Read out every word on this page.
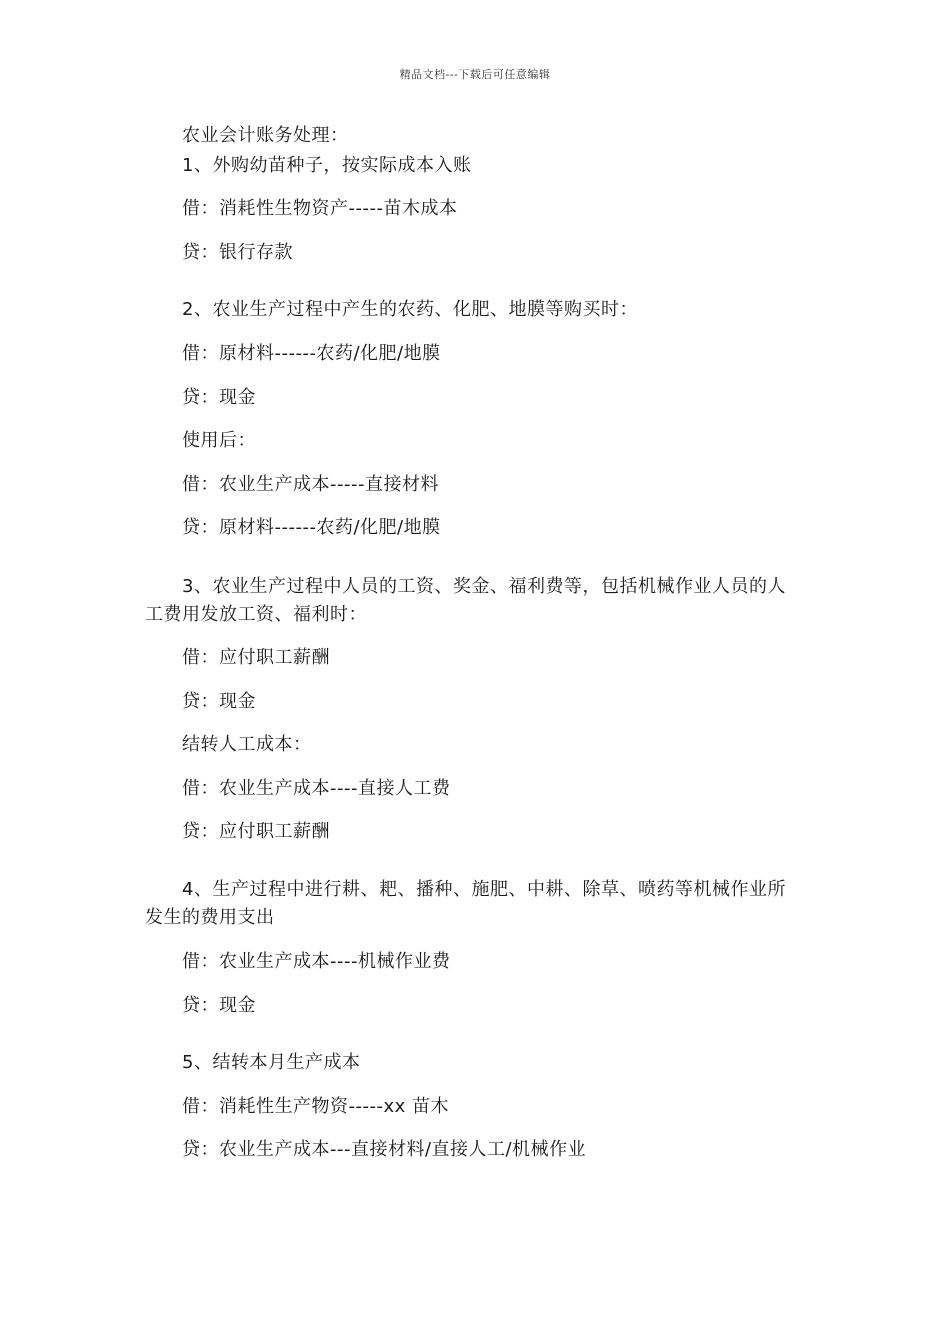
精品文档---下载后可任意编辑
农业会计账务处理：
1、外购幼苗种子，按实际成本入账
借：消耗性生物资产-----苗木成本
贷：银行存款
2、农业生产过程中产生的农药、化肥、地膜等购买时：
借：原材料------农药/化肥/地膜
贷：现金
使用后：
借：农业生产成本-----直接材料
贷：原材料------农药/化肥/地膜
3、农业生产过程中人员的工资、奖金、福利费等，包括机械作业人员的人
工费用发放工资、福利时：
借：应付职工薪酬
贷：现金
结转人工成本：
借：农业生产成本----直接人工费
贷：应付职工薪酬
4、生产过程中进行耕、耙、播种、施肥、中耕、除草、喷药等机械作业所
发生的费用支出
借：农业生产成本----机械作业费
贷：现金
5、结转本月生产成本
借：消耗性生产物资-----xx 苗木
贷：农业生产成本---直接材料/直接人工/机械作业
